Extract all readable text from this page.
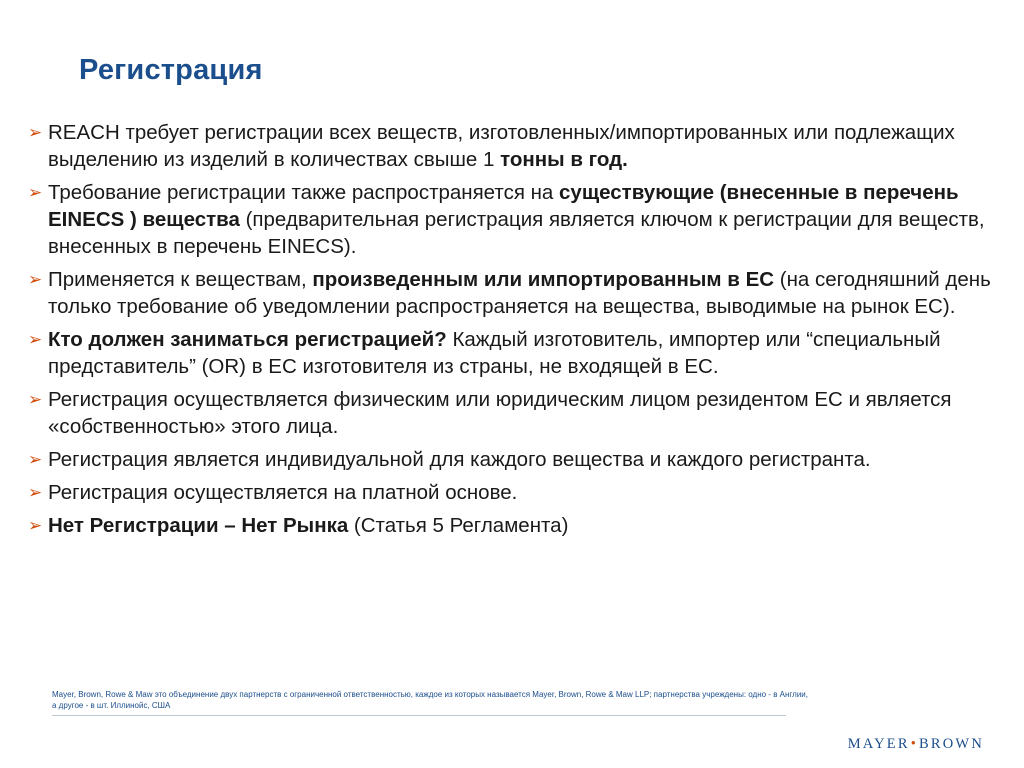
Регистрация
➢ REACH требует регистрации всех веществ, изготовленных/импортированных или подлежащих выделению из изделий в количествах свыше 1 тонны в год.
➢ Требование регистрации также распространяется на существующие (внесенные в перечень EINECS ) вещества (предварительная регистрация является ключом к регистрации для веществ, внесенных в перечень EINECS).
➢ Применяется к веществам, произведенным или импортированным в ЕС (на сегодняшний день только требование об уведомлении распространяется на вещества, выводимые на рынок ЕС).
➢ Кто должен заниматься регистрацией? Каждый изготовитель, импортер или “специальный представитель” (OR) в ЕС изготовителя из страны, не входящей в ЕС.
➢ Регистрация осуществляется физическим или юридическим лицом резидентом ЕС и является «собственностью» этого лица.
➢ Регистрация является индивидуальной для каждого вещества и каждого регистранта.
➢ Регистрация осуществляется на платной основе.
➢ Нет Регистрации – Нет Рынка (Статья 5 Регламента)

Mayer, Brown, Rowe & Maw это объединение двух партнерств с ограниченной ответственностью, каждое из которых называется Mayer, Brown, Rowe & Maw LLP; партнерства учреждены: одно - в Англии, а другое - в шт. Иллинойс, США

MAYER•BROWN
